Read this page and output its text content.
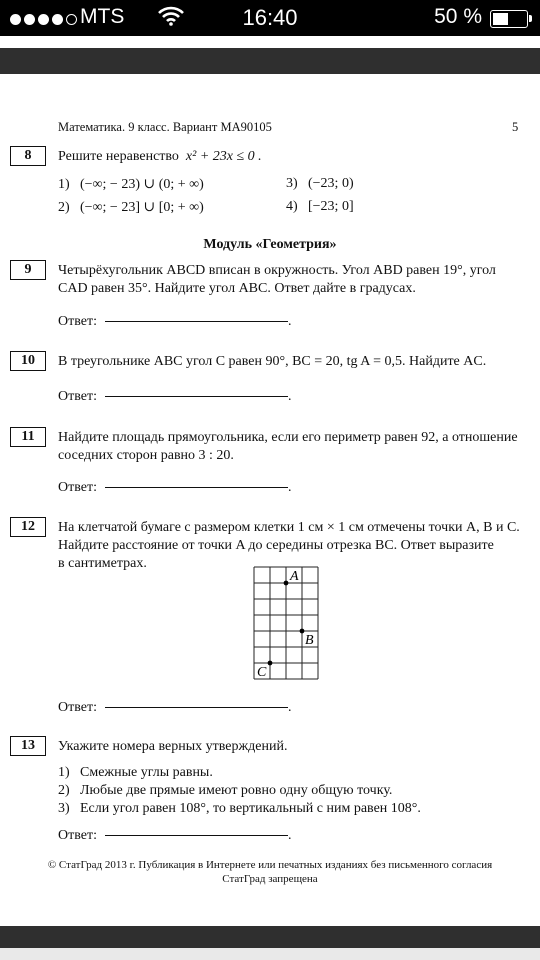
MTS	16:40	50 %
Математика. 9 класс. Вариант МА90105	5
8	Решите неравенство x² + 23x ≤ 0 .
1) (−∞; − 23) ∪ (0; + ∞)
2) (−∞; − 23] ∪ [0; + ∞)
3) (−23; 0)
4) [−23; 0]
Модуль «Геометрия»
9	Четырёхугольник ABCD вписан в окружность. Угол ABD равен 19°, угол
CAD равен 35°. Найдите угол ABC. Ответ дайте в градусах.
Ответ:	.
10	В треугольнике ABC угол C равен 90°, BC = 20, tg A = 0,5. Найдите AC.
Ответ:	.
11	Найдите площадь прямоугольника, если его периметр равен 92, а отношение
соседних сторон равно 3 : 20.
Ответ:	.
12	На клетчатой бумаге с размером клетки 1 см × 1 см отмечены точки A, B и C.
Найдите расстояние от точки A до середины отрезка BC. Ответ выразите
в сантиметрах.
A
B
C
Ответ:	.
13	Укажите номера верных утверждений.
1) Смежные углы равны.
2) Любые две прямые имеют ровно одну общую точку.
3) Если угол равен 108°, то вертикальный с ним равен 108°.
Ответ:	.
© СтатГрад 2013 г. Публикация в Интернете или печатных изданиях без письменного согласия
СтатГрад запрещена
